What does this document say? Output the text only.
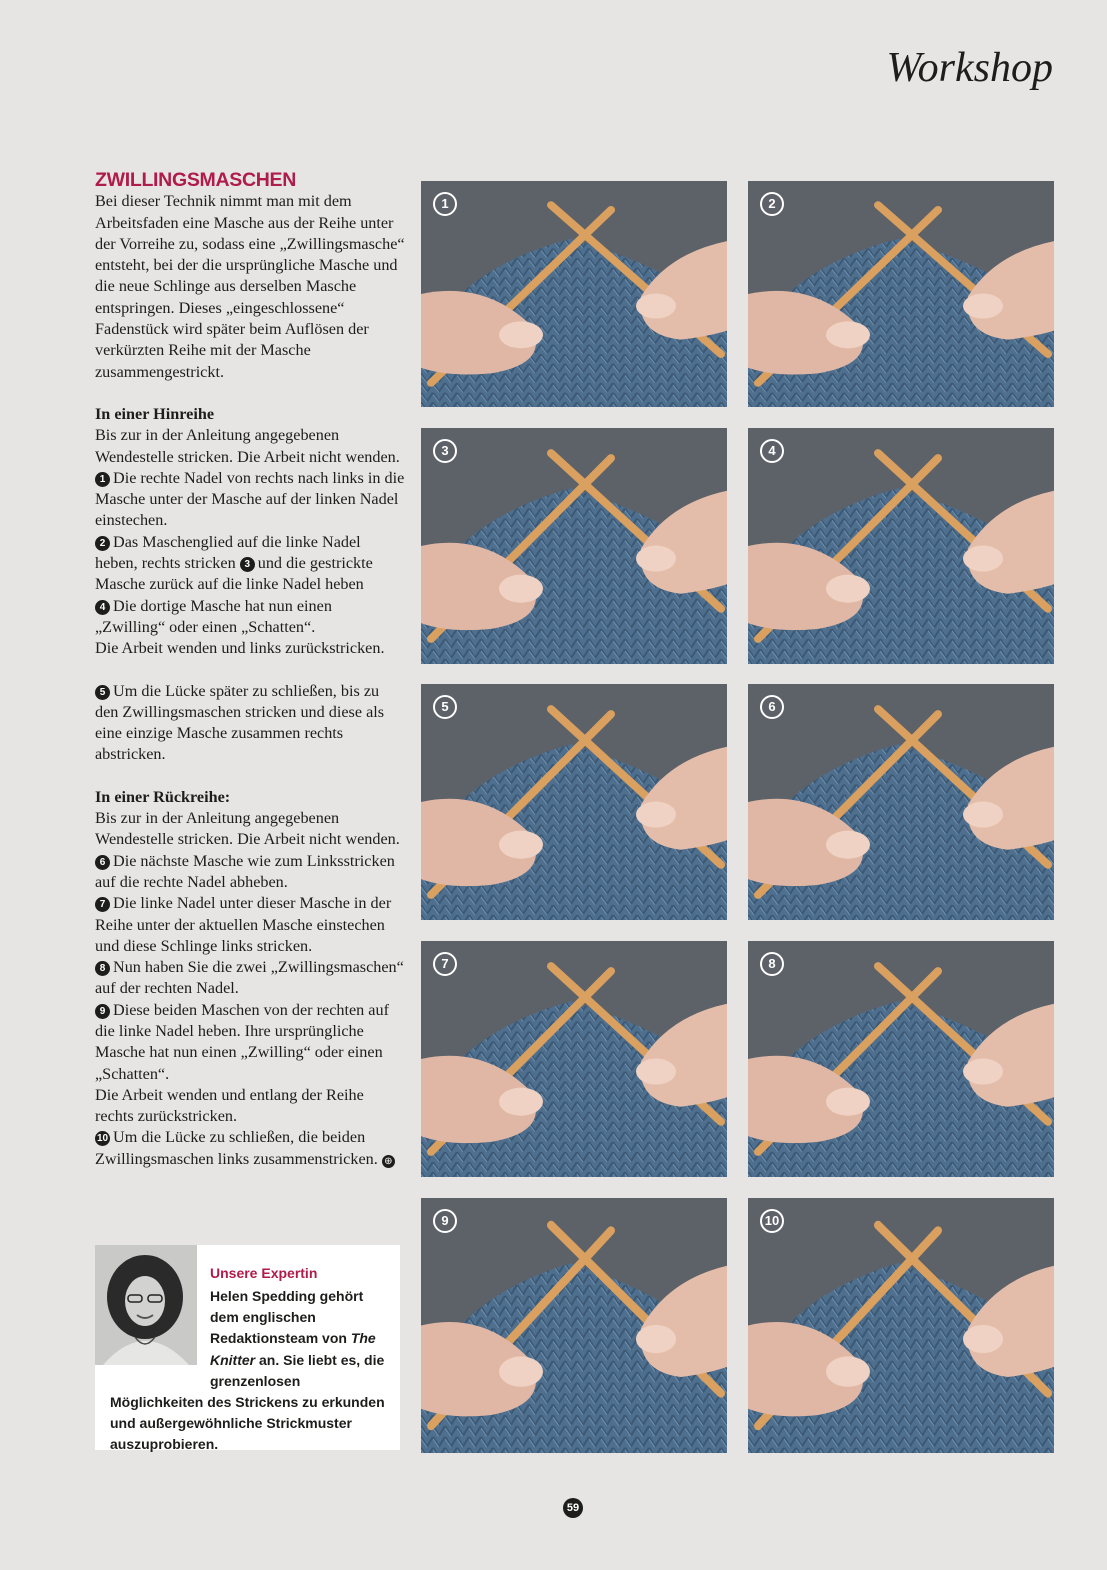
Workshop

ZWILLINGSMASCHEN

Bei dieser Technik nimmt man mit dem Arbeitsfaden eine Masche aus der Reihe unter der Vorreihe zu, sodass eine „Zwillingsmasche“ entsteht, bei der die ursprüngliche Masche und die neue Schlinge aus derselben Masche entspringen. Dieses „eingeschlossene“ Fadenstück wird später beim Auflösen der verkürzten Reihe mit der Masche zusammengestrickt.

In einer Hinreihe

Bis zur in der Anleitung angegebenen Wendestelle stricken. Die Arbeit nicht wenden.

1 Die rechte Nadel von rechts nach links in die Masche unter der Masche auf der linken Nadel einstechen.

2 Das Maschenglied auf die linke Nadel heben, rechts stricken 3 und die gestrickte Masche zurück auf die linke Nadel heben

4 Die dortige Masche hat nun einen „Zwilling“ oder einen „Schatten“.

Die Arbeit wenden und links zurückstricken.

5 Um die Lücke später zu schließen, bis zu den Zwillingsmaschen stricken und diese als eine einzige Masche zusammen rechts abstricken.

In einer Rückreihe:

Bis zur in der Anleitung angegebenen Wendestelle stricken. Die Arbeit nicht wenden.

6 Die nächste Masche wie zum Linksstricken auf die rechte Nadel abheben.

7 Die linke Nadel unter dieser Masche in der Reihe unter der aktuellen Masche einstechen und diese Schlinge links stricken.

8 Nun haben Sie die zwei „Zwillingsmaschen“ auf der rechten Nadel.

9 Diese beiden Maschen von der rechten auf die linke Nadel heben. Ihre ursprüngliche Masche hat nun einen „Zwilling“ oder einen „Schatten“.

Die Arbeit wenden und entlang der Reihe rechts zurückstricken.

10 Um die Lücke zu schließen, die beiden Zwillingsmaschen links zusammenstricken. ⊕

Unsere Expertin

Helen Spedding gehört dem englischen Redaktionsteam von The Knitter an. Sie liebt es, die grenzenlosen Möglichkeiten des Strickens zu erkunden und außergewöhnliche Strickmuster auszuprobieren.

1	2
3	4
5	6
7	8
9	10
59
